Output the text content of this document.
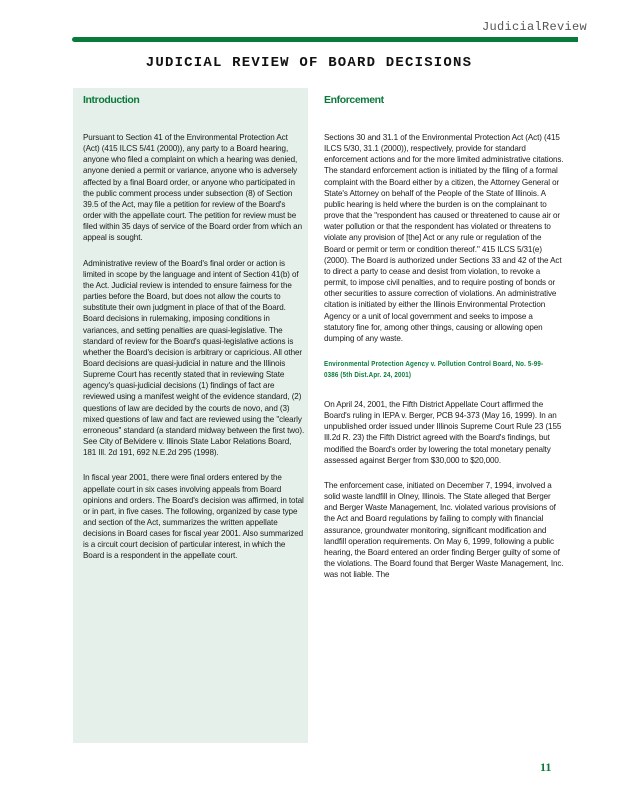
JudicialReview
JUDICIAL REVIEW OF BOARD DECISIONS
Introduction	Enforcement

Pursuant to Section 41 of the Environmental Protection Act (Act) (415 ILCS 5/41 (2000)), any party to a Board hearing, anyone who filed a complaint on which a hearing was denied, anyone denied a permit or variance, anyone who is adversely affected by a final Board order, or anyone who participated in the public comment process under subsection (8) of Section 39.5 of the Act, may file a petition for review of the Board's order with the appellate court. The petition for review must be filed within 35 days of service of the Board order from which an appeal is sought.

Administrative review of the Board's final order or action is limited in scope by the language and intent of Section 41(b) of the Act. Judicial review is intended to ensure fairness for the parties before the Board, but does not allow the courts to substitute their own judgment in place of that of the Board. Board decisions in rulemaking, imposing conditions in variances, and setting penalties are quasi-legislative. The standard of review for the Board's quasi-legislative actions is whether the Board's decision is arbitrary or capricious. All other Board decisions are quasi-judicial in nature and the Illinois Supreme Court has recently stated that in reviewing State agency's quasi-judicial decisions (1) findings of fact are reviewed using a manifest weight of the evidence standard, (2) questions of law are decided by the courts de novo, and (3) mixed questions of law and fact are reviewed using the "clearly erroneous" standard (a standard midway between the first two). See City of Belvidere v. Illinois State Labor Relations Board, 181 Ill. 2d 191, 692 N.E.2d 295 (1998).

In fiscal year 2001, there were final orders entered by the appellate court in six cases involving appeals from Board opinions and orders. The Board's decision was affirmed, in total or in part, in five cases. The following, organized by case type and section of the Act, summarizes the written appellate decisions in Board cases for fiscal year 2001. Also summarized is a circuit court decision of particular interest, in which the Board is a respondent in the appellate court.

Sections 30 and 31.1 of the Environmental Protection Act (Act) (415 ILCS 5/30, 31.1 (2000)), respectively, provide for standard enforcement actions and for the more limited administrative citations. The standard enforcement action is initiated by the filing of a formal complaint with the Board either by a citizen, the Attorney General or State's Attorney on behalf of the People of the State of Illinois. A public hearing is held where the burden is on the complainant to prove that the "respondent has caused or threatened to cause air or water pollution or that the respondent has violated or threatens to violate any provision of [the] Act or any rule or regulation of the Board or permit or term or condition thereof." 415 ILCS 5/31(e) (2000). The Board is authorized under Sections 33 and 42 of the Act to direct a party to cease and desist from violation, to revoke a permit, to impose civil penalties, and to require posting of bonds or other securities to assure correction of violations. An administrative citation is initiated by either the Illinois Environmental Protection Agency or a unit of local government and seeks to impose a statutory fine for, among other things, causing or allowing open dumping of any waste.

Environmental Protection Agency v. Pollution Control Board, No. 5-99-0386 (5th Dist.Apr. 24, 2001)

On April 24, 2001, the Fifth District Appellate Court affirmed the Board's ruling in IEPA v. Berger, PCB 94-373 (May 16, 1999). In an unpublished order issued under Illinois Supreme Court Rule 23 (155 Ill.2d R. 23) the Fifth District agreed with the Board's findings, but modified the Board's order by lowering the total monetary penalty assessed against Berger from $30,000 to $20,000.

The enforcement case, initiated on December 7, 1994, involved a solid waste landfill in Olney, Illinois. The State alleged that Berger and Berger Waste Management, Inc. violated various provisions of the Act and Board regulations by failing to comply with financial assurance, groundwater monitoring, significant modification and landfill operation requirements. On May 6, 1999, following a public hearing, the Board entered an order finding Berger guilty of some of the violations. The Board found that Berger Waste Management, Inc. was not liable. The

11
